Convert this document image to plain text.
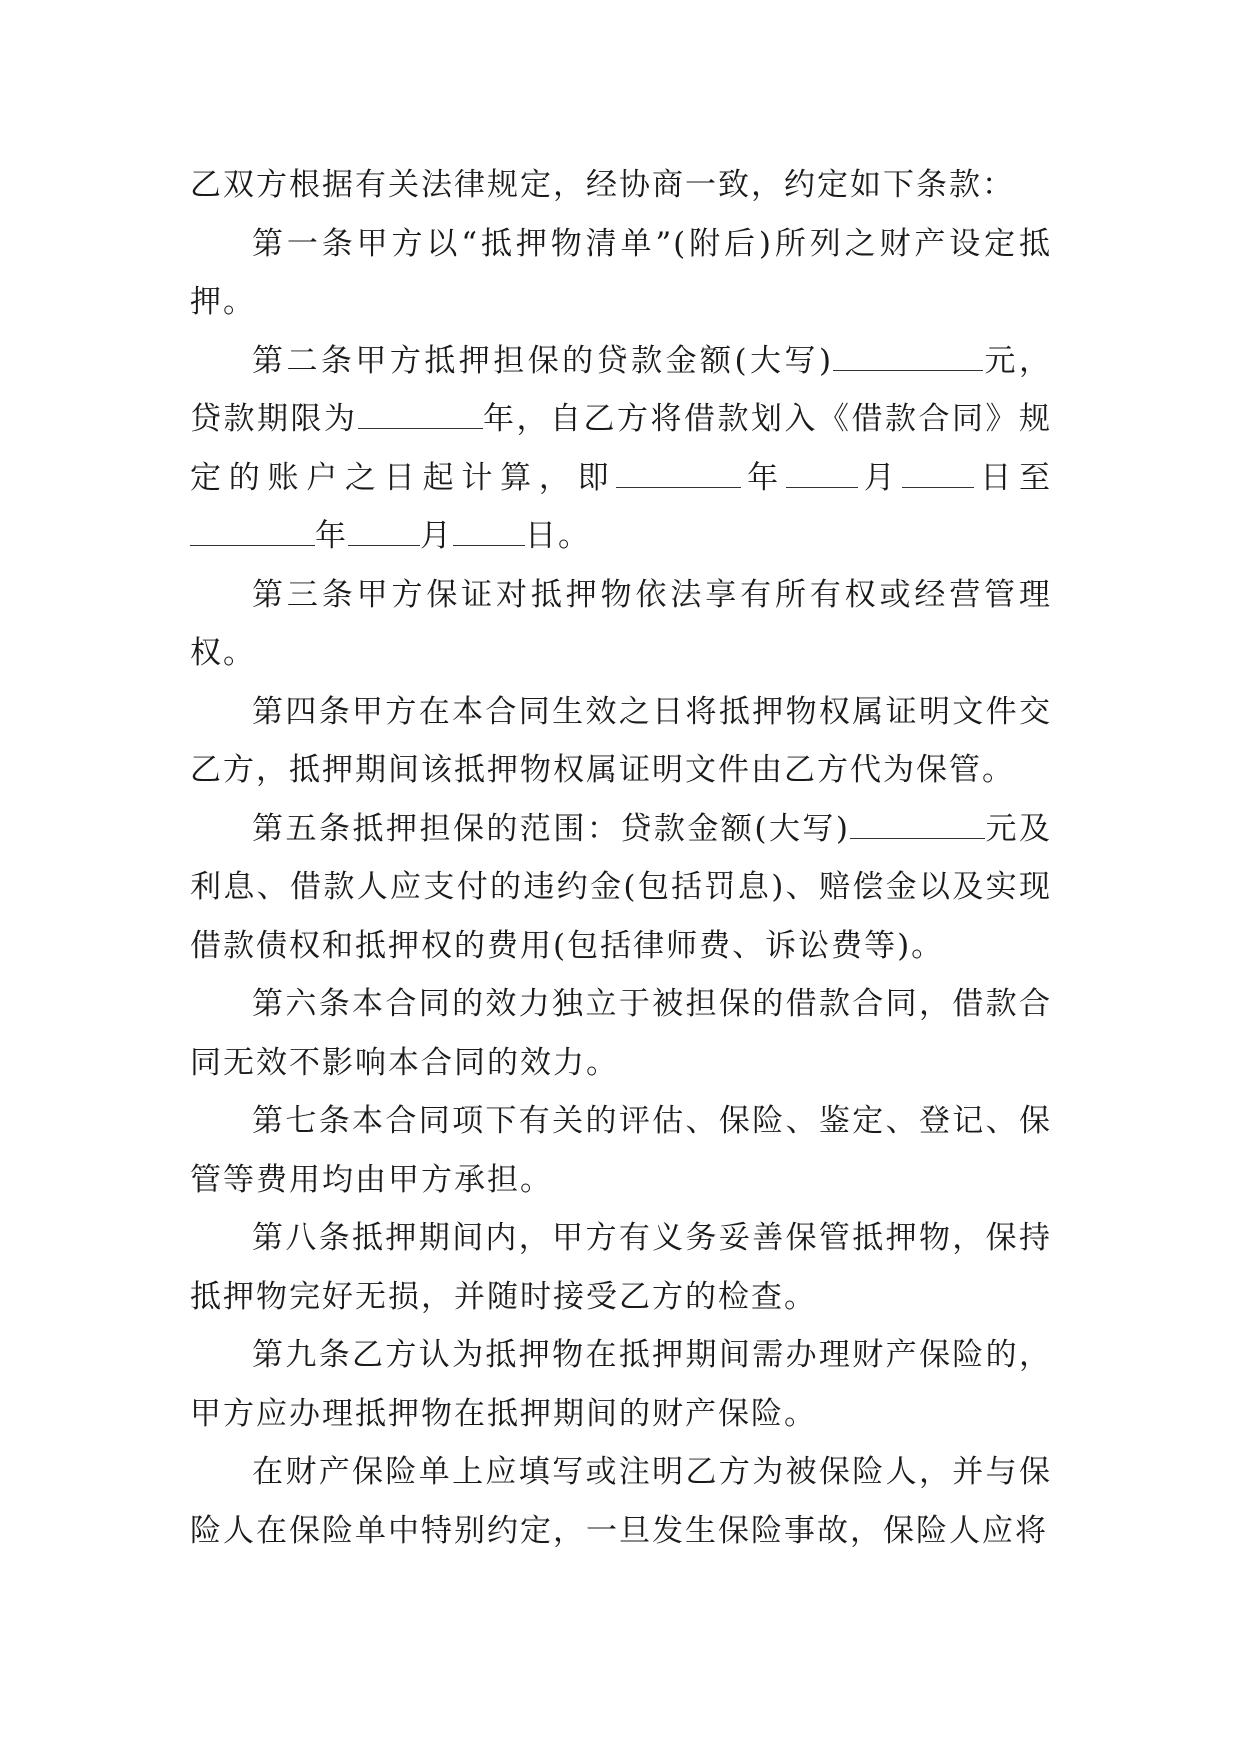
乙双方根据有关法律规定，经协商一致，约定如下条款：

第一条甲方以“抵押物清单”(附后)所列之财产设定抵押。

第二条甲方抵押担保的贷款金额(大写)	元，贷款期限为	年，自乙方将借款划入《借款合同》规定的账户之日起计算，即	年 月 日至年 月 日。

第三条甲方保证对抵押物依法享有所有权或经营管理权。

第四条甲方在本合同生效之日将抵押物权属证明文件交乙方，抵押期间该抵押物权属证明文件由乙方代为保管。

第五条抵押担保的范围：贷款金额(大写)	元及利息、借款人应支付的违约金(包括罚息)、赔偿金以及实现借款债权和抵押权的费用(包括律师费、诉讼费等)。

第六条本合同的效力独立于被担保的借款合同，借款合同无效不影响本合同的效力。

第七条本合同项下有关的评估、保险、鉴定、登记、保管等费用均由甲方承担。

第八条抵押期间内，甲方有义务妥善保管抵押物，保持抵押物完好无损，并随时接受乙方的检查。

第九条乙方认为抵押物在抵押期间需办理财产保险的，甲方应办理抵押物在抵押期间的财产保险。

在财产保险单上应填写或注明乙方为被保险人，并与保险人在保险单中特别约定，一旦发生保险事故，保险人应将
